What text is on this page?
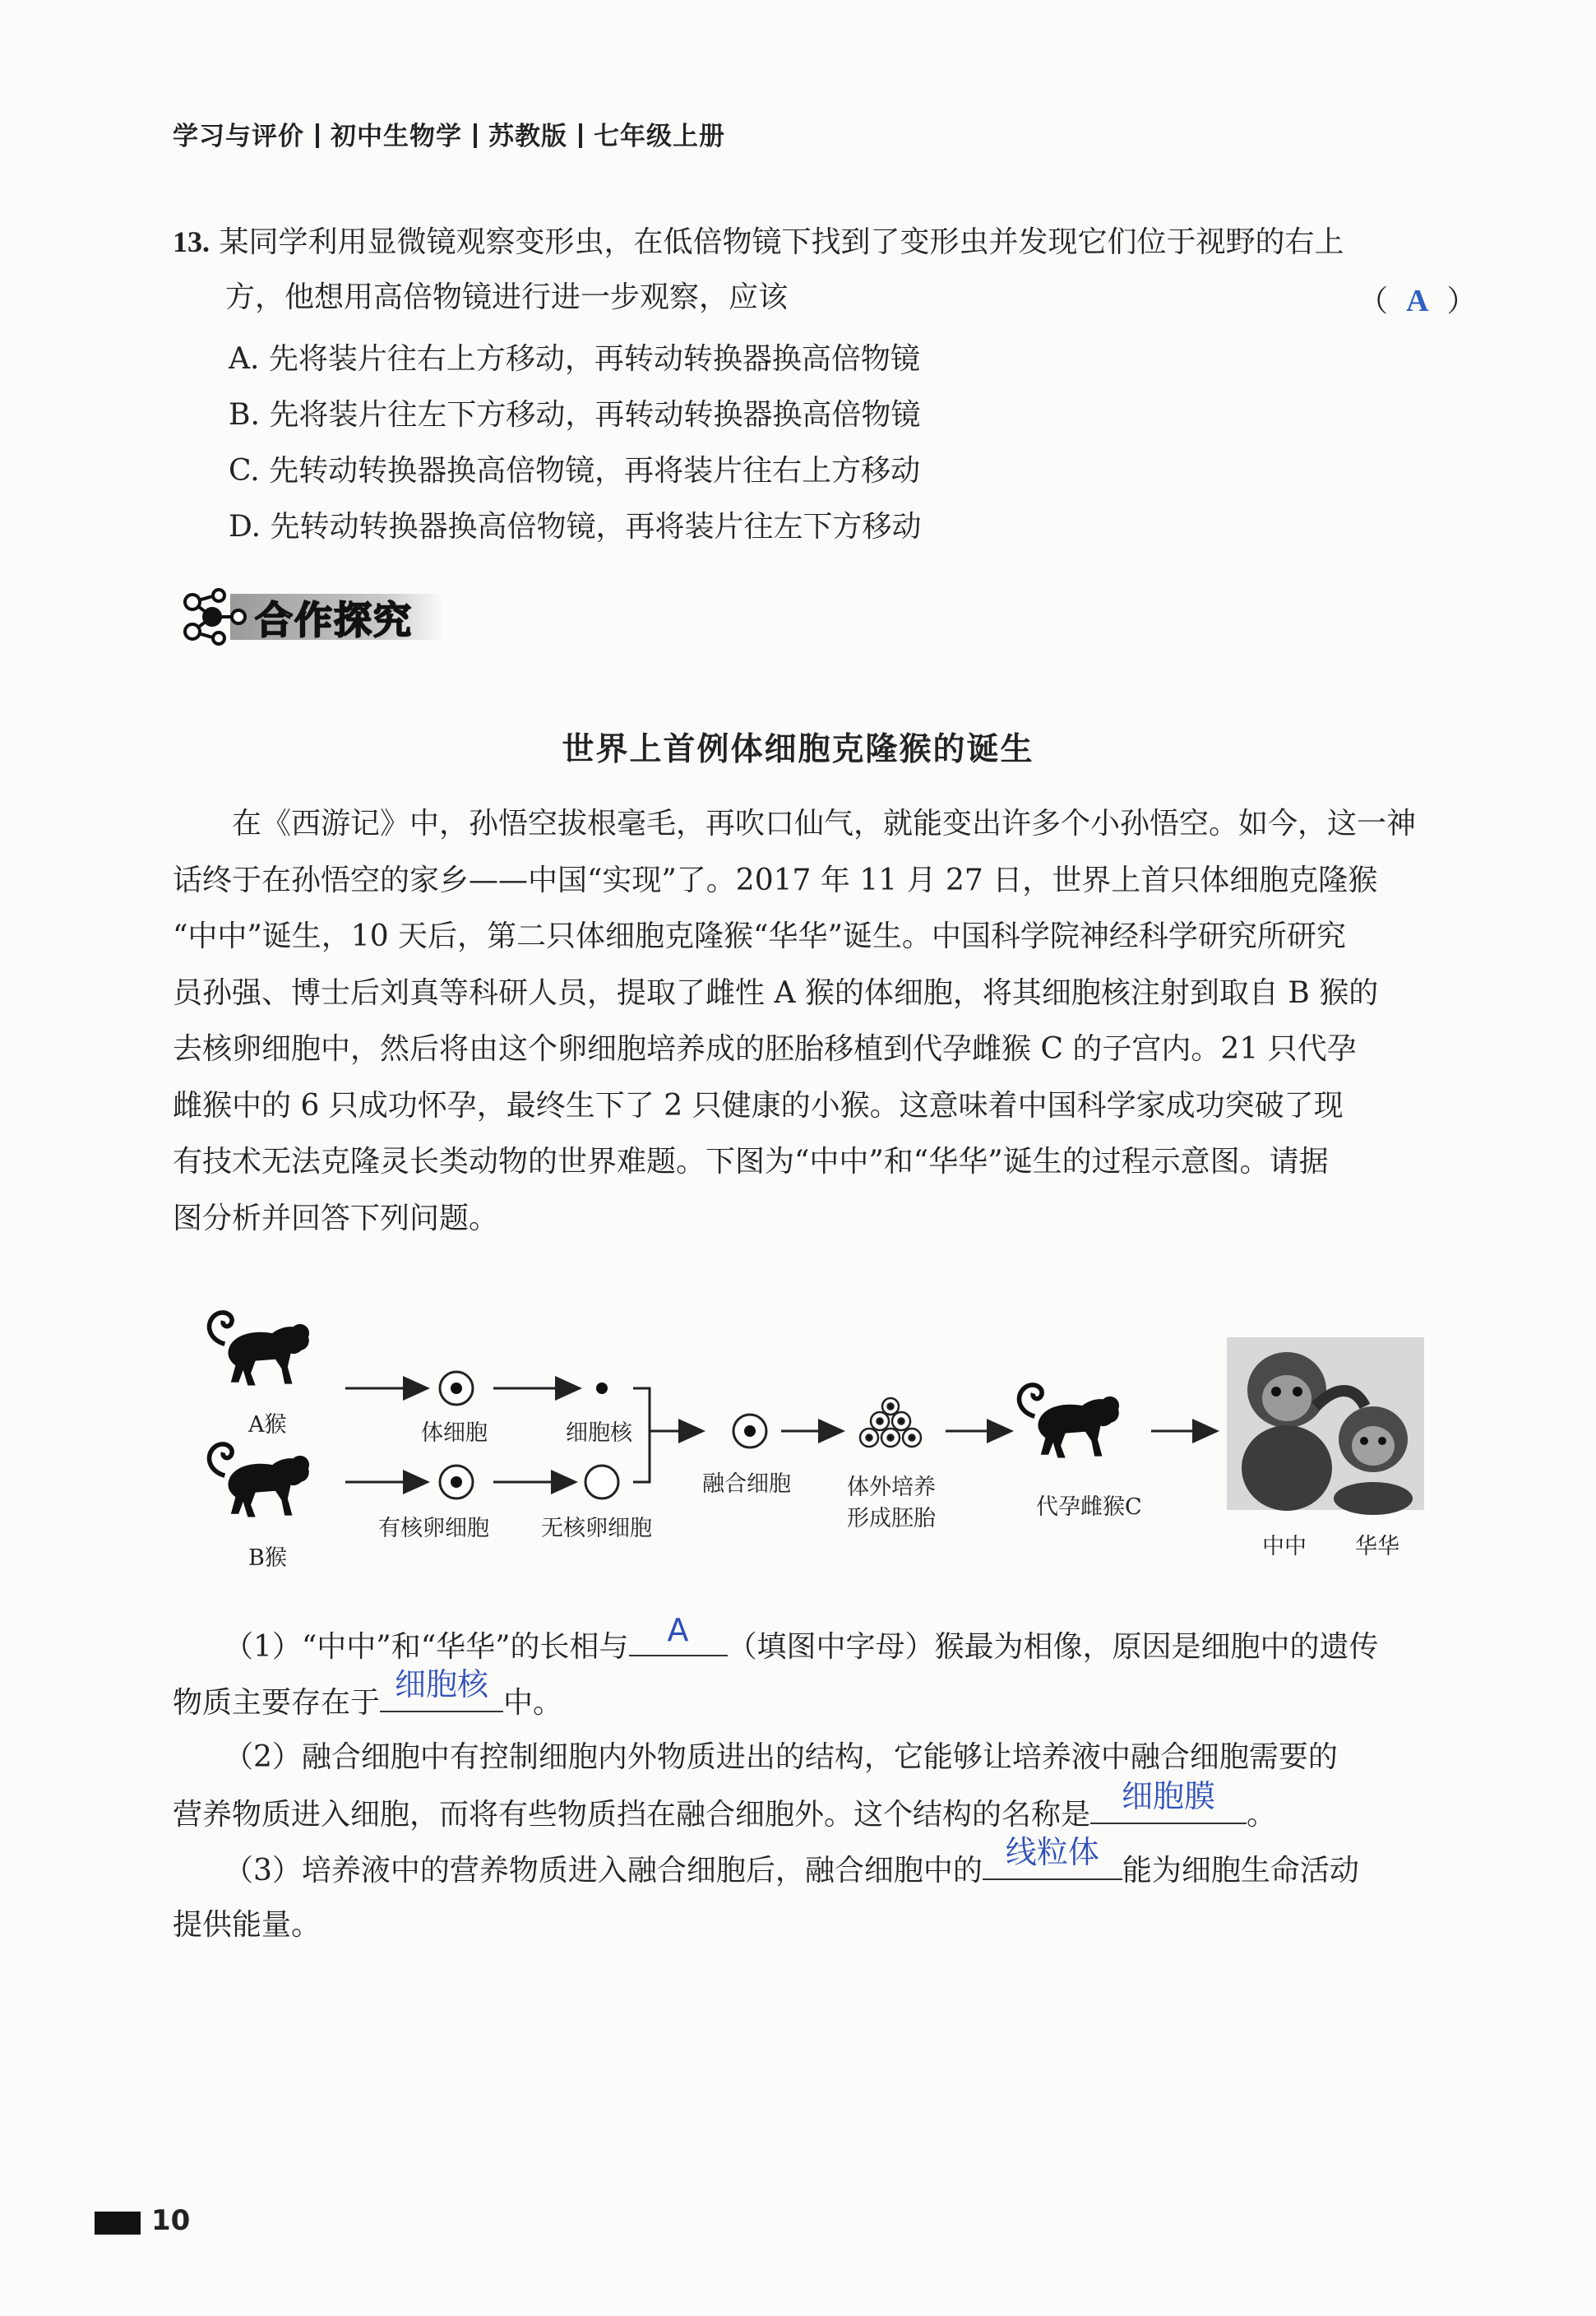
学习与评价 初中生物学 苏教版 七年级上册
13. 某同学利用显微镜观察变形虫，在低倍物镜下找到了变形虫并发现它们位于视野的右上
方，他想用高倍物镜进行进一步观察，应该	（ A ）
A. 先将装片往右上方移动，再转动转换器换高倍物镜
B. 先将装片往左下方移动，再转动转换器换高倍物镜
C. 先转动转换器换高倍物镜，再将装片往右上方移动
D. 先转动转换器换高倍物镜，再将装片往左下方移动
合作探究
世界上首例体细胞克隆猴的诞生
　　在《西游记》中，孙悟空拔根毫毛，再吹口仙气，就能变出许多个小孙悟空。如今，这一神
话终于在孙悟空的家乡——中国“实现”了。2017 年 11 月 27 日，世界上首只体细胞克隆猴
“中中”诞生，10 天后，第二只体细胞克隆猴“华华”诞生。中国科学院神经科学研究所研究
员孙强、博士后刘真等科研人员，提取了雌性 A 猴的体细胞，将其细胞核注射到取自 B 猴的
去核卵细胞中，然后将由这个卵细胞培养成的胚胎移植到代孕雌猴 C 的子宫内。21 只代孕
雌猴中的 6 只成功怀孕，最终生下了 2 只健康的小猴。这意味着中国科学家成功突破了现
有技术无法克隆灵长类动物的世界难题。下图为“中中”和“华华”诞生的过程示意图。请据
图分析并回答下列问题。
A猴
B猴
体细胞	细胞核
有核卵细胞 无核卵细胞
融合细胞	体外培养
形成胚胎	代孕雌猴C
中中 华华
（1）“中中”和“华华”的长相与	A	（填图中字母）猴最为相像，原因是细胞中的遗传
物质主要存在于
细胞核
中。
（2）融合细胞中有控制细胞内外物质进出的结构，它能够让培养液中融合细胞需要的
营养物质进入细胞，而将有些物质挡在融合细胞外。这个结构的名称是
细胞膜
。
（3）培养液中的营养物质进入融合细胞后，融合细胞中的
线粒体
能为细胞生命活动
提供能量。
10
